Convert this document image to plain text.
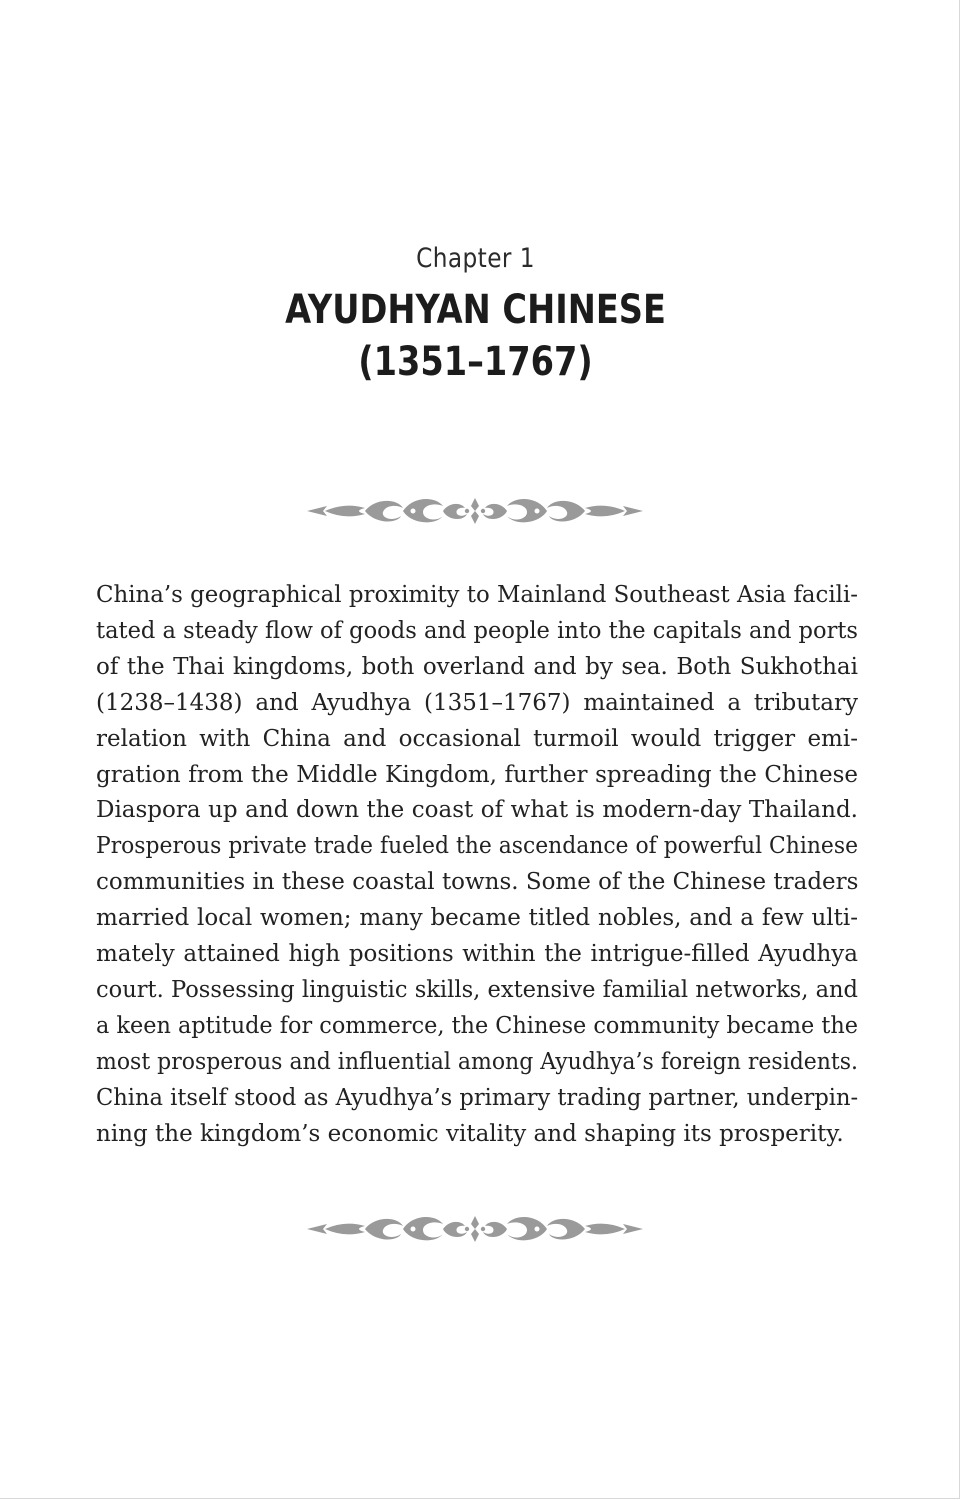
Chapter 1
AYUDHYAN CHINESE
(1351–1767)
China’s geographical proximity to Mainland Southeast Asia facili-
tated a steady flow of goods and people into the capitals and ports
of the Thai kingdoms, both overland and by sea. Both Sukhothai
(1238–1438) and Ayudhya (1351–1767) maintained a tributary
relation with China and occasional turmoil would trigger emi-
gration from the Middle Kingdom, further spreading the Chinese
Diaspora up and down the coast of what is modern-day Thailand.
Prosperous private trade fueled the ascendance of powerful Chinese
communities in these coastal towns. Some of the Chinese traders
married local women; many became titled nobles, and a few ulti-
mately attained high positions within the intrigue-filled Ayudhya
court. Possessing linguistic skills, extensive familial networks, and
a keen aptitude for commerce, the Chinese community became the
most prosperous and influential among Ayudhya’s foreign residents.
China itself stood as Ayudhya’s primary trading partner, underpin-
ning the kingdom’s economic vitality and shaping its prosperity.
